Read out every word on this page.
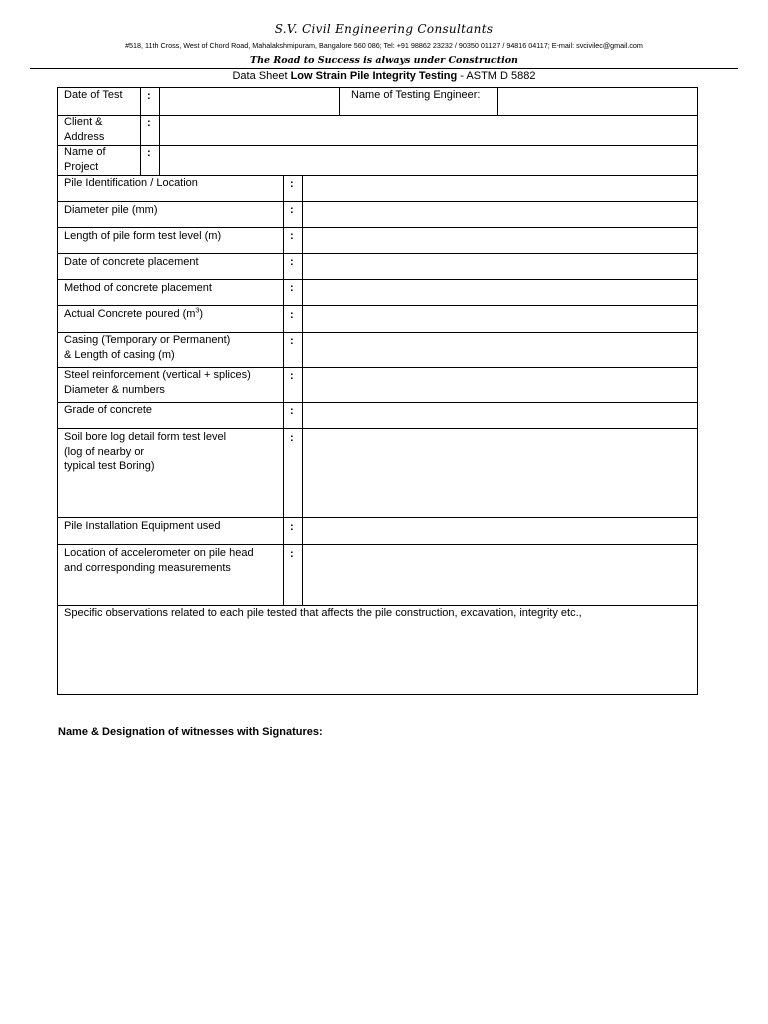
S.V. Civil Engineering Consultants
#518, 11th Cross, West of Chord Road, Mahalakshmipuram, Bangalore 560 086; Tel: +91 98862 23232 / 90350 01127 / 94816 04117; E-mail: svcivilec@gmail.com
The Road to Success is always under Construction
Data Sheet Low Strain Pile Integrity Testing - ASTM D 5882
Date of Test :	Name of Testing Engineer:
Client &
Address
:
Name of
Project
:
Pile Identification / Location	:
Diameter pile (mm)	:
Length of pile form test level (m)	:
Date of concrete placement	:
Method of concrete placement	:
Actual Concrete poured $(m^3)$	:
Casing (Temporary or Permanent)
& Length of casing (m)
:
Steel reinforcement (vertical + splices)
Diameter & numbers
:
Grade of concrete	:
Soil bore log detail form test level
(log of nearby or
typical test Boring)
:
Pile Installation Equipment used	:
Location of accelerometer on pile head
and corresponding measurements
:
Specific observations related to each pile tested that affects the pile construction, excavation, integrity etc.,
Name & Designation of witnesses with Signatures:
